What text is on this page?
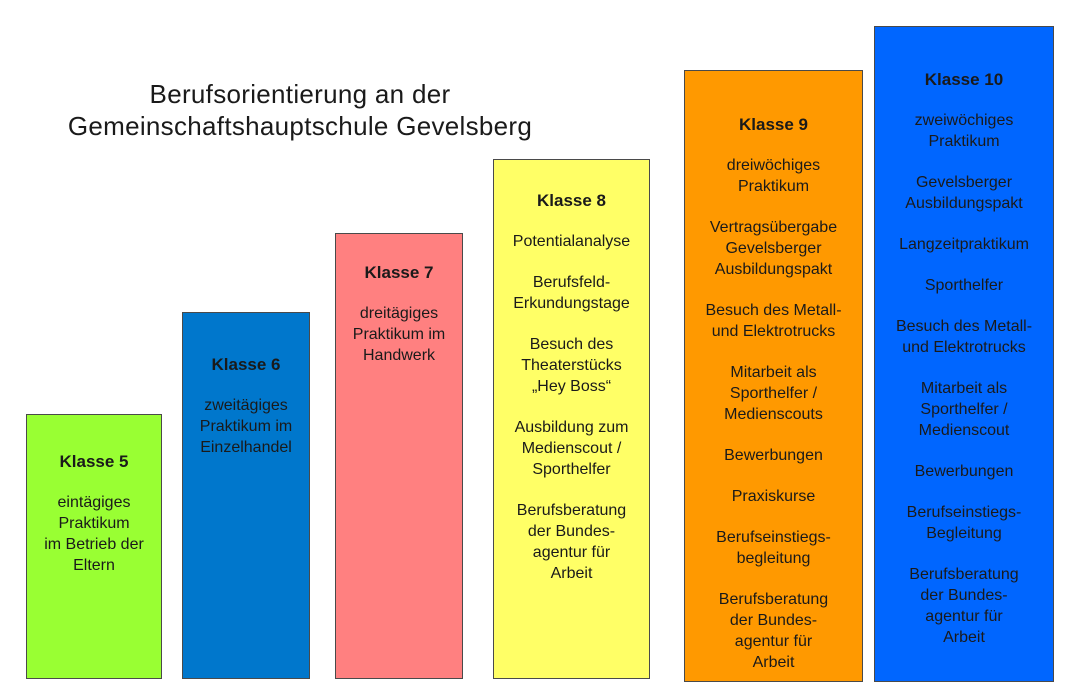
Berufsorientierung an der
Gemeinschaftshauptschule Gevelsberg
Klasse 5
eintägiges
Praktikum
im Betrieb der
Eltern
Klasse 6
zweitägiges
Praktikum im
Einzelhandel
Klasse 7
dreitägiges
Praktikum im
Handwerk
Klasse 8
Potentialanalyse
Berufsfeld-
Erkundungstage
Besuch des
Theaterstücks
„Hey Boss“
Ausbildung zum
Medienscout /
Sporthelfer
Berufsberatung
der Bundes-
agentur für
Arbeit
Klasse 9
dreiwöchiges
Praktikum
Vertragsübergabe
Gevelsberger
Ausbildungspakt
Besuch des Metall-
und Elektrotrucks
Mitarbeit als
Sporthelfer /
Medienscouts
Bewerbungen
Praxiskurse
Berufseinstiegs-
begleitung
Berufsberatung
der Bundes-
agentur für
Arbeit
Klasse 10
zweiwöchiges
Praktikum
Gevelsberger
Ausbildungspakt
Langzeitpraktikum
Sporthelfer
Besuch des Metall-
und Elektrotrucks
Mitarbeit als
Sporthelfer /
Medienscout
Bewerbungen
Berufseinstiegs-
Begleitung
Berufsberatung
der Bundes-
agentur für
Arbeit
